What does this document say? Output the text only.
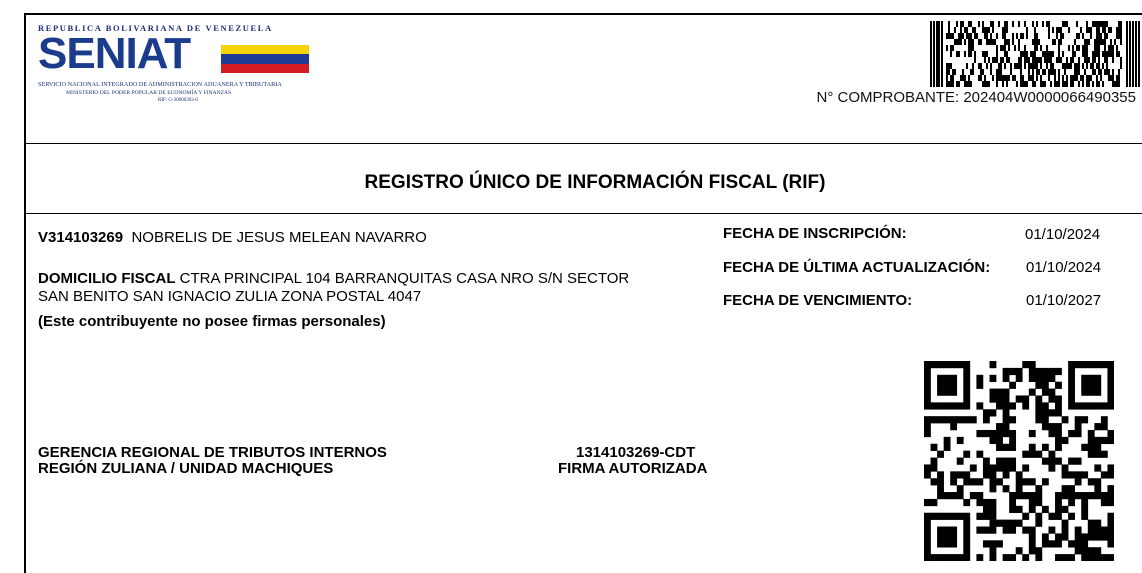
REPUBLICA BOLIVARIANA DE VENEZUELA
SENIAT
SERVICIO NACIONAL INTEGRADO DE ADMINISTRACION ADUANERA Y TRIBUTARIA
MINISTERIO DEL PODER POPULAR DE ECONOMÍA Y FINANZAS
RIF: G-20000303-0	N° COMPROBANTE: 202404W0000066490355
REGISTRO ÚNICO DE INFORMACIÓN FISCAL (RIF)
V314103269 NOBRELIS DE JESUS MELEAN NAVARRO
DOMICILIO FISCAL CTRA PRINCIPAL 104 BARRANQUITAS CASA NRO S/N SECTOR
SAN BENITO SAN IGNACIO ZULIA ZONA POSTAL 4047
(Este contribuyente no posee firmas personales)
FECHA DE INSCRIPCIÓN:	01/10/2024
FECHA DE ÚLTIMA ACTUALIZACIÓN: 01/10/2024
FECHA DE VENCIMIENTO:	01/10/2027
GERENCIA REGIONAL DE TRIBUTOS INTERNOS
REGIÓN ZULIANA / UNIDAD MACHIQUES
1314103269-CDT
FIRMA AUTORIZADA
